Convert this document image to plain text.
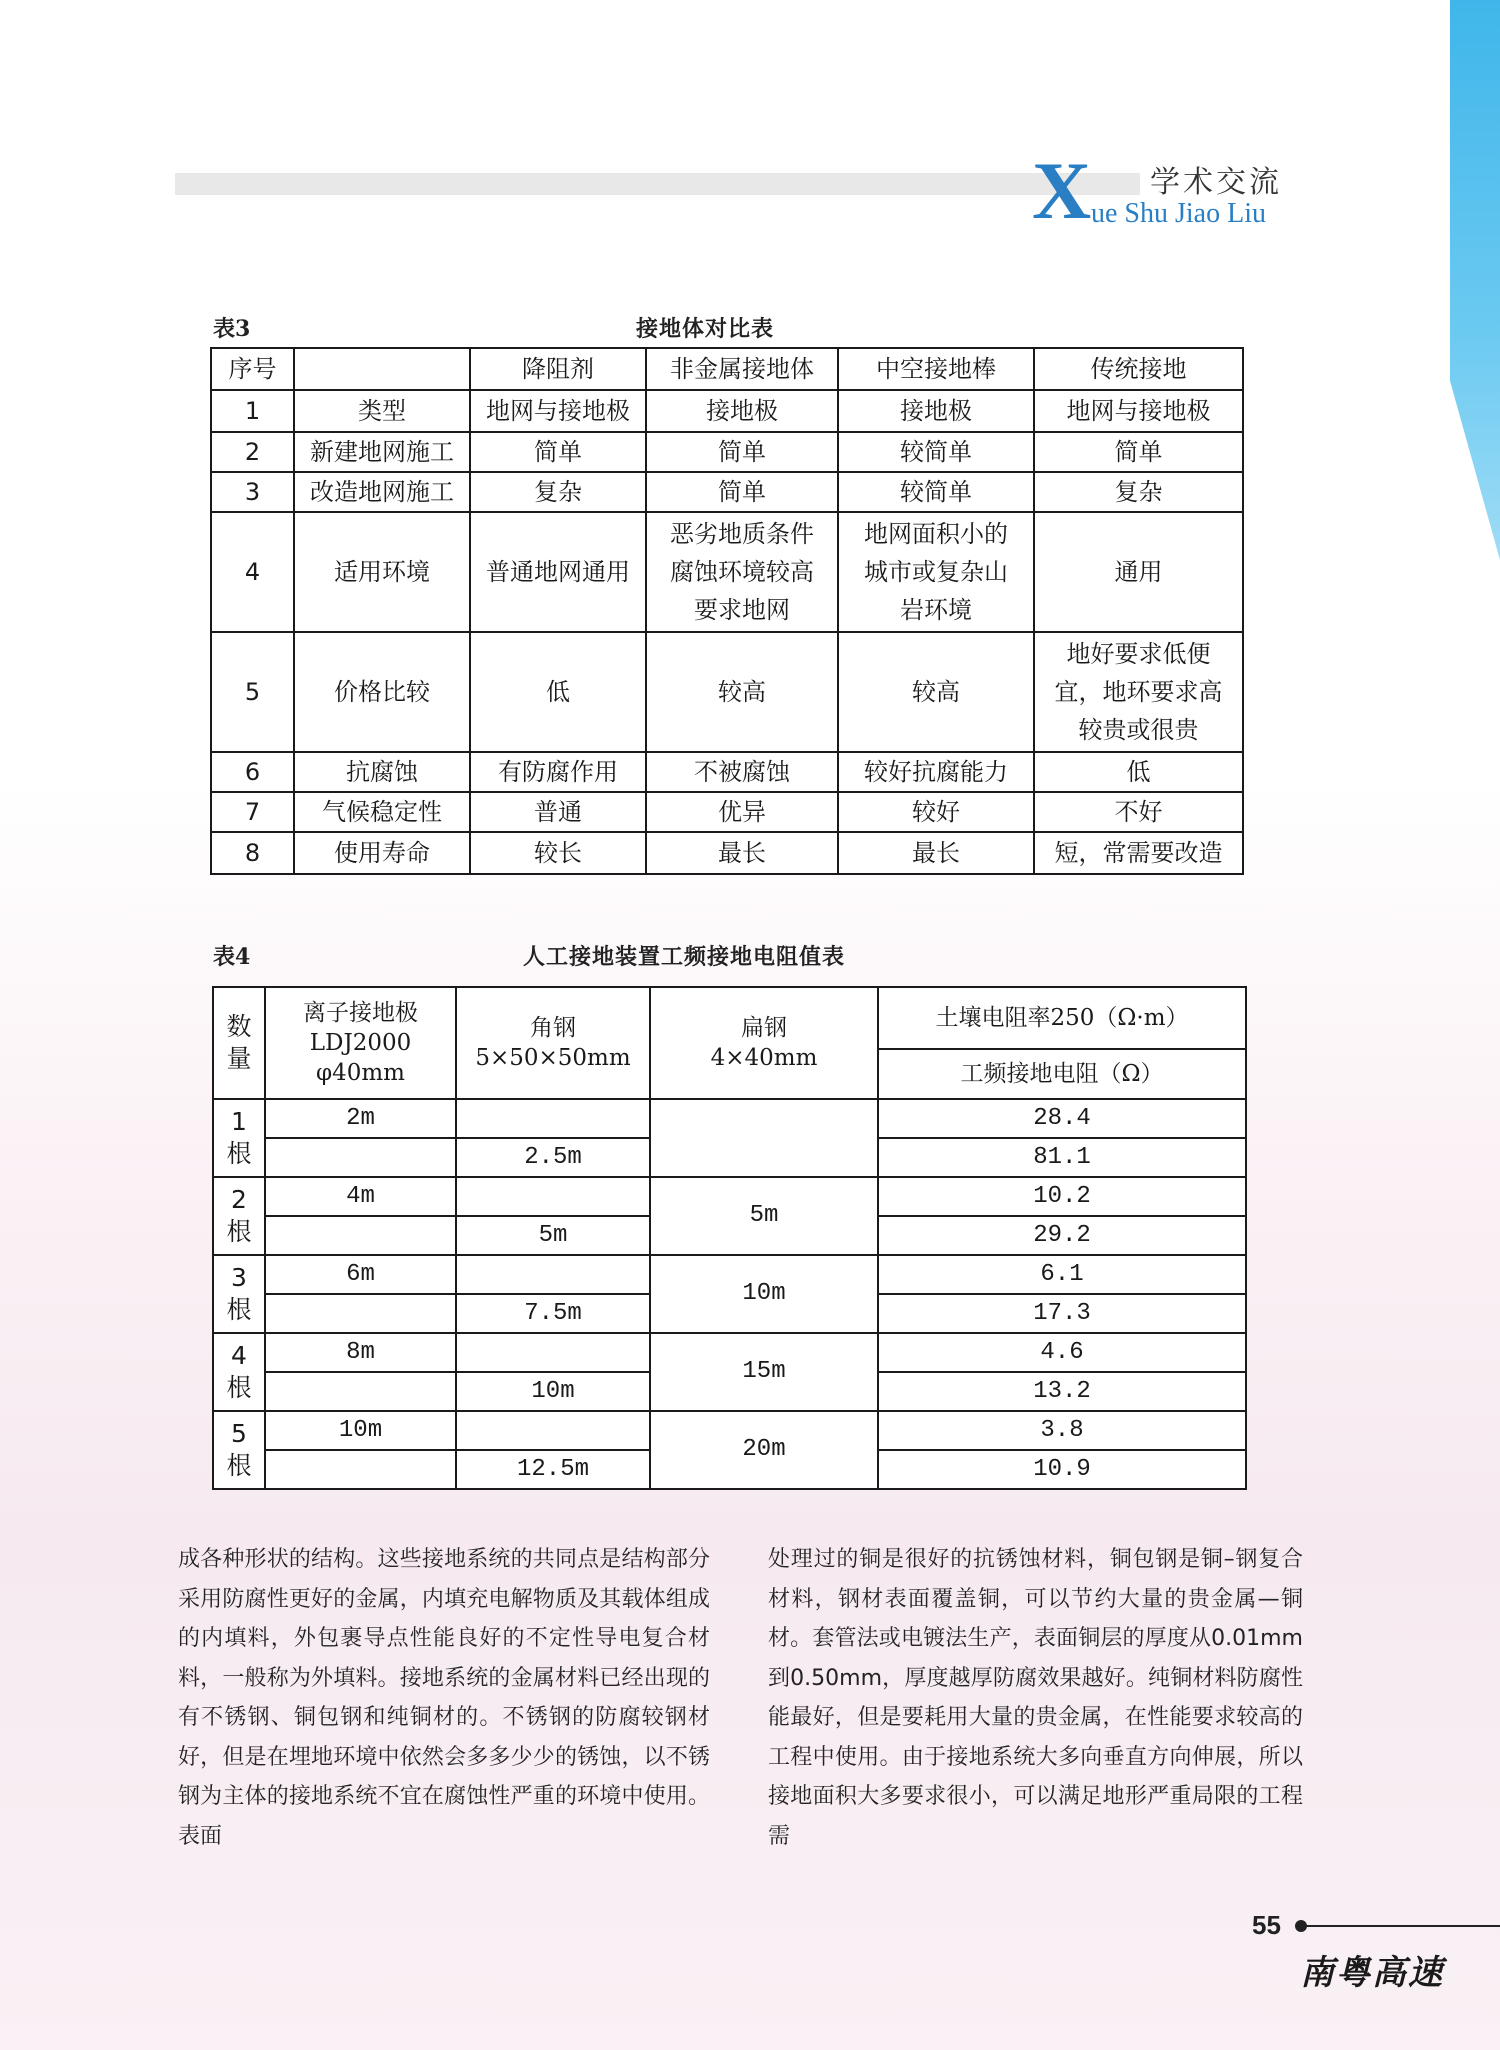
X 学术交流
ue Shu Jiao Liu
表3	接地体对比表
序号		降阻剂	非金属接地体	中空接地棒	传统接地
1	类型	地网与接地极	接地极	接地极	地网与接地极
2	新建地网施工	简单	简单	较简单	简单
3	改造地网施工	复杂	简单	较简单	复杂
4	适用环境	普通地网通用	恶劣地质条件
腐蚀环境较高
要求地网	地网面积小的
城市或复杂山
岩环境	通用
5	价格比较	低	较高	较高	地好要求低便
宜，地环要求高
较贵或很贵
6	抗腐蚀	有防腐作用	不被腐蚀	较好抗腐能力	低
7	气候稳定性	普通	优异	较好	不好
8	使用寿命	较长	最长	最长	短，常需要改造
表4	人工接地装置工频接地电阻值表
数
量	离子接地极
LDJ2000
φ40mm	角钢
5×50×50mm	扁钢
4×40mm	土壤电阻率250（Ω·m）
				工频接地电阻（Ω）
1
根	2m			28.4
		2.5m		81.1
2
根	4m		5m	10.2
		5m		29.2
3
根	6m		10m	6.1
		7.5m		17.3
4
根	8m		15m	4.6
		10m		13.2
5
根	10m		20m	3.8
		12.5m		10.9

成各种形状的结构。这些接地系统的共同点是结构部分采用防腐性更好的金属，内填充电解物质及其载体组成的内填料，外包裹导点性能良好的不定性导电复合材料，一般称为外填料。接地系统的金属材料已经出现的有不锈钢、铜包钢和纯铜材的。不锈钢的防腐较钢材好，但是在埋地环境中依然会多多少少的锈蚀，以不锈钢为主体的接地系统不宜在腐蚀性严重的环境中使用。表面

处理过的铜是很好的抗锈蚀材料，铜包钢是铜–钢复合材料，钢材表面覆盖铜，可以节约大量的贵金属—铜材。套管法或电镀法生产，表面铜层的厚度从0.01mm到0.50mm，厚度越厚防腐效果越好。纯铜材料防腐性能最好，但是要耗用大量的贵金属，在性能要求较高的工程中使用。由于接地系统大多向垂直方向伸展，所以接地面积大多要求很小，可以满足地形严重局限的工程需

55
南粤高速
